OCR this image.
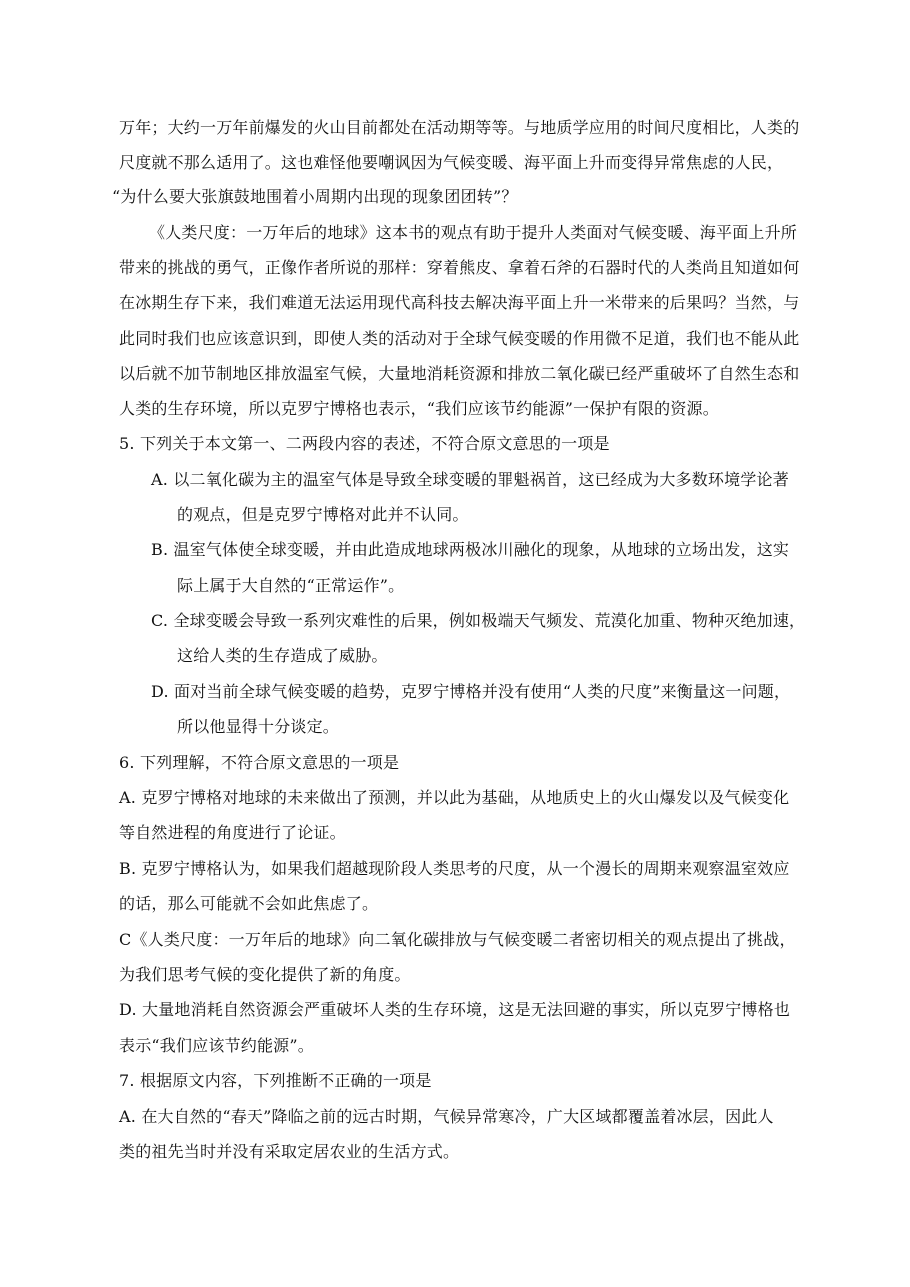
万年；大约一万年前爆发的火山目前都处在活动期等等。与地质学应用的时间尺度相比，人类的
尺度就不那么适用了。这也难怪他要嘲讽因为气候变暖、海平面上升而变得异常焦虑的人民，
“为什么要大张旗鼓地围着小周期内出现的现象团团转”？
《人类尺度：一万年后的地球》这本书的观点有助于提升人类面对气候变暖、海平面上升所
带来的挑战的勇气，正像作者所说的那样：穿着熊皮、拿着石斧的石器时代的人类尚且知道如何
在冰期生存下来，我们难道无法运用现代高科技去解决海平面上升一米带来的后果吗？当然，与
此同时我们也应该意识到，即使人类的活动对于全球气候变暖的作用微不足道，我们也不能从此
以后就不加节制地区排放温室气候，大量地消耗资源和排放二氧化碳已经严重破坏了自然生态和
人类的生存环境，所以克罗宁博格也表示，“我们应该节约能源”一保护有限的资源。
5. 下列关于本文第一、二两段内容的表述，不符合原文意思的一项是
A. 以二氧化碳为主的温室气体是导致全球变暖的罪魁祸首，这已经成为大多数环境学论著
的观点，但是克罗宁博格对此并不认同。
B. 温室气体使全球变暖，并由此造成地球两极冰川融化的现象，从地球的立场出发，这实
际上属于大自然的“正常运作”。
C. 全球变暖会导致一系列灾难性的后果，例如极端天气频发、荒漠化加重、物种灭绝加速，
这给人类的生存造成了威胁。
D. 面对当前全球气候变暖的趋势，克罗宁博格并没有使用“人类的尺度”来衡量这一问题，
所以他显得十分谈定。
6. 下列理解，不符合原文意思的一项是
A. 克罗宁博格对地球的未来做出了预测，并以此为基础，从地质史上的火山爆发以及气候变化
等自然进程的角度进行了论证。
B. 克罗宁博格认为，如果我们超越现阶段人类思考的尺度，从一个漫长的周期来观察温室效应
的话，那么可能就不会如此焦虑了。
C《人类尺度：一万年后的地球》向二氧化碳排放与气候变暖二者密切相关的观点提出了挑战，
为我们思考气候的变化提供了新的角度。
D. 大量地消耗自然资源会严重破坏人类的生存环境，这是无法回避的事实，所以克罗宁博格也
表示“我们应该节约能源”。
7. 根据原文内容，下列推断不正确的一项是
A. 在大自然的“春天”降临之前的远古时期，气候异常寒冷，广大区域都覆盖着冰层，因此人
类的祖先当时并没有采取定居农业的生活方式。
